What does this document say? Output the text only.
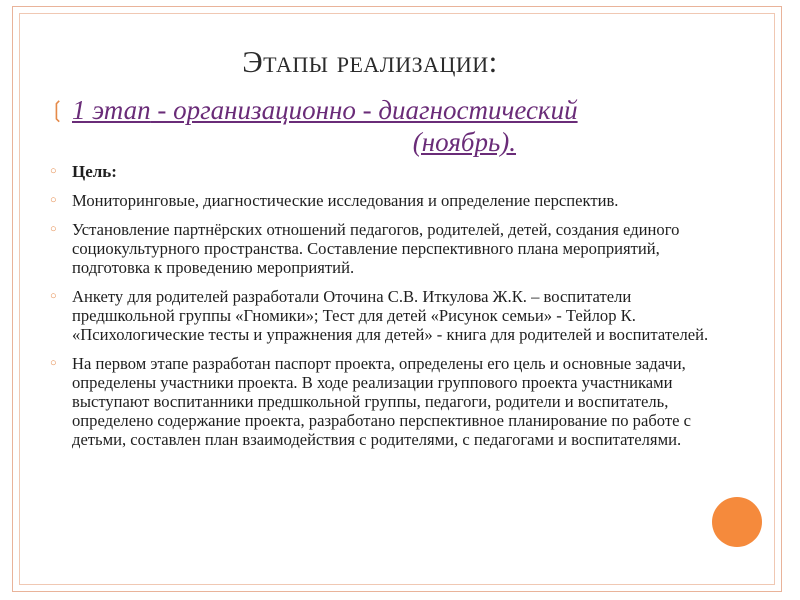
Этапы реализации:
❲ 1 этап - организационно - диагностический
(ноябрь).
○ Цель:
○ Мониторинговые, диагностические исследования и определение перспектив.
○ Установление партнёрских отношений педагогов, родителей, детей, создания единого социокультурного пространства. Составление перспективного плана мероприятий, подготовка к проведению мероприятий.
○ Анкету для родителей разработали Оточина С.В. Иткулова Ж.К. – воспитатели предшкольной группы «Гномики»; Тест для детей «Рисунок семьи» - Тейлор К. «Психологические тесты и упражнения для детей» - книга для родителей и воспитателей.
○ На первом этапе разработан паспорт проекта, определены его цель и основные задачи, определены участники проекта. В ходе реализации группового проекта участниками выступают воспитанники предшкольной группы, педагоги, родители и воспитатель, определено содержание проекта, разработано перспективное планирование по работе с детьми, составлен план взаимодействия с родителями, с педагогами и воспитателями.
